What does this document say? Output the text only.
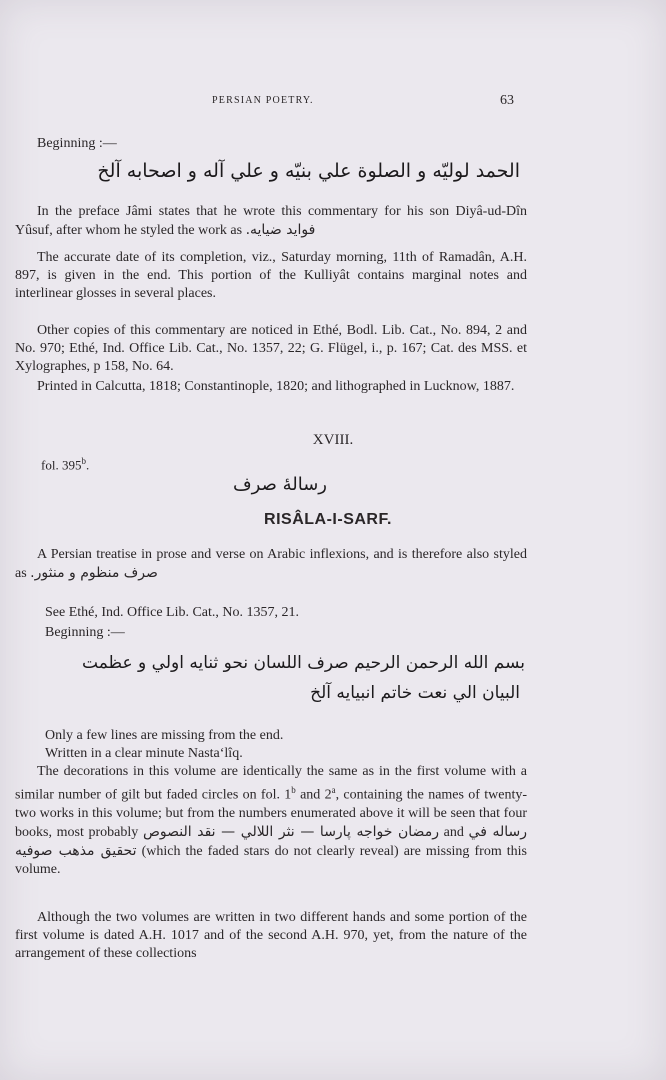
PERSIAN POETRY.	63
Beginning :—
الحمد لوليّه و الصلوة علي بنيّه و علي آله و اصحابه آلخ

In the preface Jâmi states that he wrote this commentary for his son Diyâ-ud-Dîn Yûsuf, after whom he styled the work as فوايد ضيايه.

The accurate date of its completion, viz., Saturday morning, 11th of Ramadân, A.H. 897, is given in the end. This portion of the Kulliyât contains marginal notes and interlinear glosses in several places.

Other copies of this commentary are noticed in Ethé, Bodl. Lib. Cat., No. 894, 2 and No. 970; Ethé, Ind. Office Lib. Cat., No. 1357, 22; G. Flügel, i., p. 167; Cat. des MSS. et Xylographes, p 158, No. 64.

Printed in Calcutta, 1818; Constantinople, 1820; and lithographed in Lucknow, 1887.

XVIII.
fol. 395$^b$.
رسالهٔ صرف
RISÂLA-I-SARF.

A Persian treatise in prose and verse on Arabic inflexions, and is therefore also styled as صرف منظوم و منثور.

See Ethé, Ind. Office Lib. Cat., No. 1357, 21.
Beginning :—
بسم الله الرحمن الرحيم صرف اللسان نحو ثنايه اولي و عظمت
البيان الي نعت خاتم انبيايه آلخ

Only a few lines are missing from the end.

Written in a clear minute Nasta‘lîq.

The decorations in this volume are identically the same as in the first volume with a similar number of gilt but faded circles on fol. 1$^b$ and 2$^a$, containing the names of twenty-two works in this volume; but from the numbers enumerated above it will be seen that four books, most probably رمضان خواجه پارسا — نثر اللالي — نقد النصوص and رساله في تحقيق مذهب صوفيه (which the faded stars do not clearly reveal) are missing from this volume.

Although the two volumes are written in two different hands and some portion of the first volume is dated A.H. 1017 and of the second A.H. 970, yet, from the nature of the arrangement of these collections
